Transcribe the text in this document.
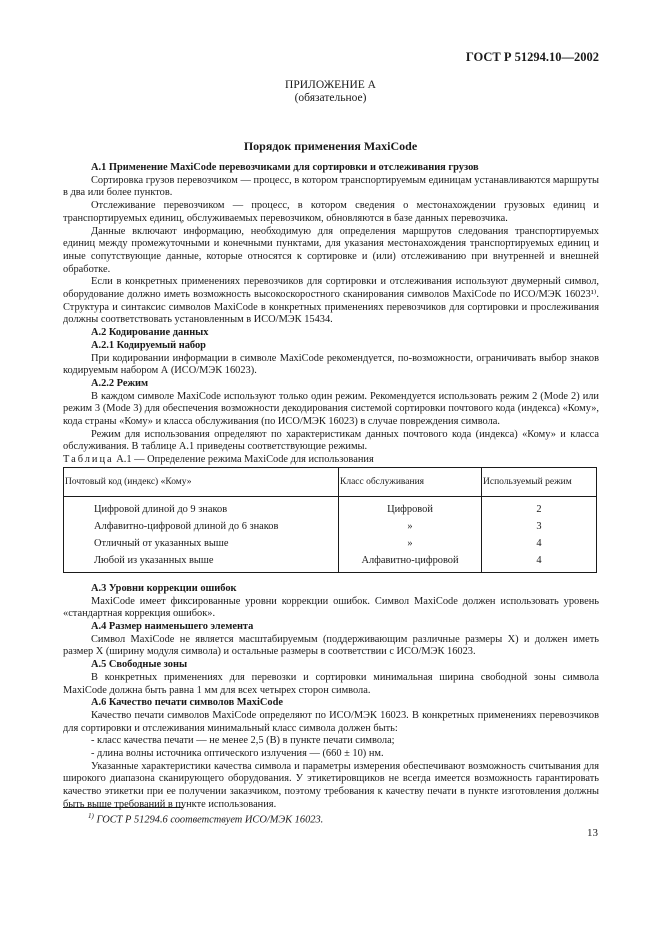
ГОСТ Р 51294.10—2002
ПРИЛОЖЕНИЕ А
(обязательное)
Порядок применения MaxiCode

А.1 Применение MaxiCode перевозчиками для сортировки и отслеживания грузов

Сортировка грузов перевозчиком — процесс, в котором транспортируемым единицам устанавливаются маршруты в два или более пунктов.

Отслеживание перевозчиком — процесс, в котором сведения о местонахождении грузовых единиц и транспортируемых единиц, обслуживаемых перевозчиком, обновляются в базе данных перевозчика.

Данные включают информацию, необходимую для определения маршрутов следования транспортируемых единиц между промежуточными и конечными пунктами, для указания местонахождения транспортируемых единиц и иные сопутствующие данные, которые относятся к сортировке и (или) отслеживанию при внутренней и внешней обработке.

Если в конкретных применениях перевозчиков для сортировки и отслеживания используют двумерный символ, оборудование должно иметь возможность высокоскоростного сканирования символов MaxiCode по ИСО/МЭК 16023¹⁾. Структура и синтаксис символов MaxiCode в конкретных применениях перевозчиков для сортировки и прослеживания должны соответствовать установленным в ИСО/МЭК 15434.

А.2 Кодирование данных

А.2.1 Кодируемый набор

При кодировании информации в символе MaxiCode рекомендуется, по-возможности, ограничивать выбор знаков кодируемым набором А (ИСО/МЭК 16023).

А.2.2 Режим

В каждом символе MaxiCode используют только один режим. Рекомендуется использовать режим 2 (Mode 2) или режим 3 (Mode 3) для обеспечения возможности декодирования системой сортировки почтового кода (индекса) «Кому», кода страны «Кому» и класса обслуживания (по ИСО/МЭК 16023) в случае повреждения символа.

Режим для использования определяют по характеристикам данных почтового кода (индекса) «Кому» и класса обслуживания. В таблице А.1 приведены соответствующие режимы.

Таблица А.1 — Определение режима MaxiCode для использования

Почтовый код (индекс) «Кому»	Класс обслуживания	Используемый режим
Цифровой длиной до 9 знаков	Цифровой	2
Алфавитно-цифровой длиной до 6 знаков	»	3
Отличный от указанных выше	»	4
Любой из указанных выше	Алфавитно-цифровой	4

А.3 Уровни коррекции ошибок

MaxiCode имеет фиксированные уровни коррекции ошибок. Символ MaxiCode должен использовать уровень «стандартная коррекция ошибок».

А.4 Размер наименьшего элемента

Символ MaxiCode не является масштабируемым (поддерживающим различные размеры X) и должен иметь размер X (ширину модуля символа) и остальные размеры в соответствии с ИСО/МЭК 16023.

А.5 Свободные зоны

В конкретных применениях для перевозки и сортировки минимальная ширина свободной зоны символа MaxiCode должна быть равна 1 мм для всех четырех сторон символа.

А.6 Качество печати символов MaxiCode

Качество печати символов MaxiCode определяют по ИСО/МЭК 16023. В конкретных применениях перевозчиков для сортировки и отслеживания минимальный класс символа должен быть:

- класс качества печати — не менее 2,5 (В) в пункте печати символа;

- длина волны источника оптического излучения — (660 ± 10) нм.

Указанные характеристики качества символа и параметры измерения обеспечивают возможность считывания для широкого диапазона сканирующего оборудования. У этикетировщиков не всегда имеется возможность гарантировать качество этикетки при ее получении заказчиком, поэтому требования к качеству печати в пункте изготовления должны быть выше требований в пункте использования.

$^{1)}$ ГОСТ Р 51294.6 соответствует ИСО/МЭК 16023.
13
